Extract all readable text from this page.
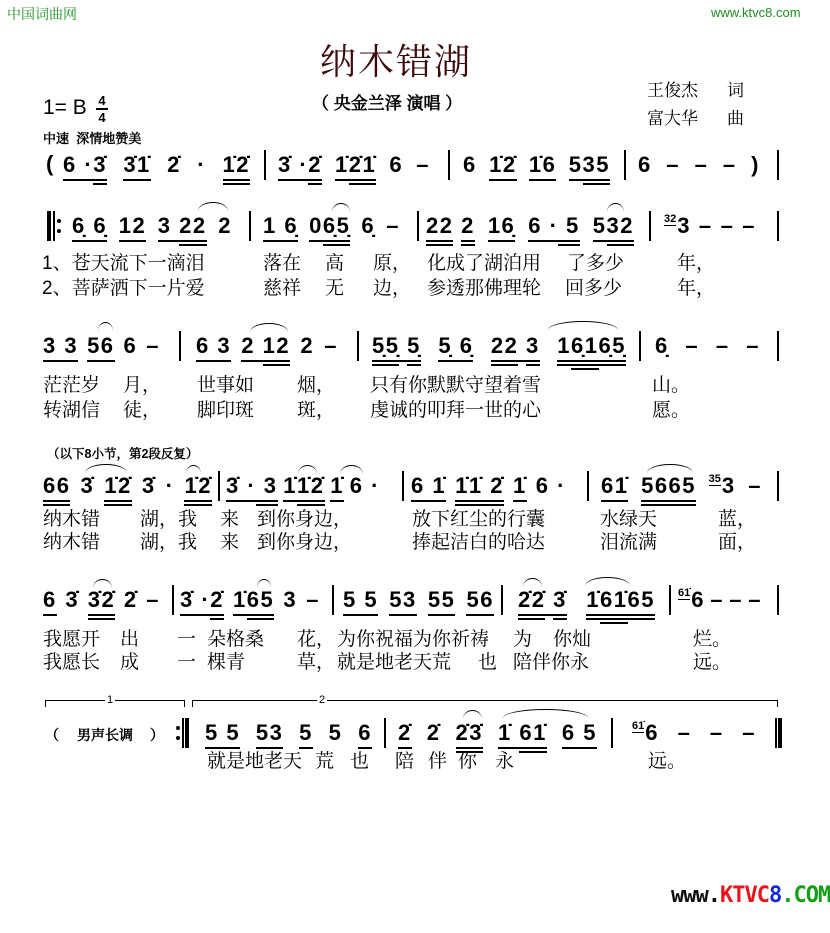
中国词曲网	www.ktvc8.com
纳木错湖
（ 央金兰泽 演唱 ）
1= B 4
4
中速  深情地赞美
王俊杰 词
富大华 曲
( 6 · 3̇ 3̇1̇ 2̇ · 1̇2̇ 3̇ · 2̇ 1̇ 2̇1̇ 6 – 6 1̇2̇ 1̇6 5 35 6 – – – )
6̣ 6̣ 12 3 22 2 1 6̣ 0 6̣5̣ 6̣ – 22
2 16̣ 6 · 5 5 32	32 3 – – –
1、苍天流下一滴泪	落在 高 原， 化成了湖泊用 了多少	年，
2、菩萨洒下一片爱	慈祥 无 边， 参透那佛理轮 回多少	年，
3 3 56 6 – 6 3 2 12 2 – 5̣5̣
5̣ 5̣ 6̣ 22
3 1 6̣1 6̣5̣ 6̣ – – –
茫茫岁 月， 世事如 烟， 只有你默默守望着雪	山。
转湖信 徒， 脚印斑 斑， 虔诚的叩拜一世的心	愿。
（以下8小节，第2段反复）
66 3̇ 1̇2̇ 3̇ · 1̇2̇ 3̇ · 3 1̇ 1̇2̇ 1̇ 6 · 6 1̇ 1̇1̇ 2̇ 1̇ 6 · 61̇ 5665 35 3 –
纳木错 湖，我 来 到你身边，	放下红尘的行囊	水绿天	蓝，
纳木错 湖，我 来 到你身边，	捧起洁白的哈达	泪流满	面，
6 3̇ 3̇2̇ 2̇ – 3̇ · 2̇ 1̇ 65 3 – 5 5 53 55 56 2̇2̇
3̇ 1̇ 61̇ 65 61̇ 6 – – –
我愿开 出 一 朵格桑 花， 为你祝福为你祈祷 为 你灿	烂。
我愿长 成 一 棵青	草， 就是地老天荒 也 陪伴你永	远。
1	2
（ 男声长调 ） 5 5 53 5 5 6 2̇ 2̇ 2̇3̇ 1̇ 61̇ 6 5	61̇ 6 – – –
就是地老天 荒 也 陪 伴 你 永	远。

www.KTVC8.COM
